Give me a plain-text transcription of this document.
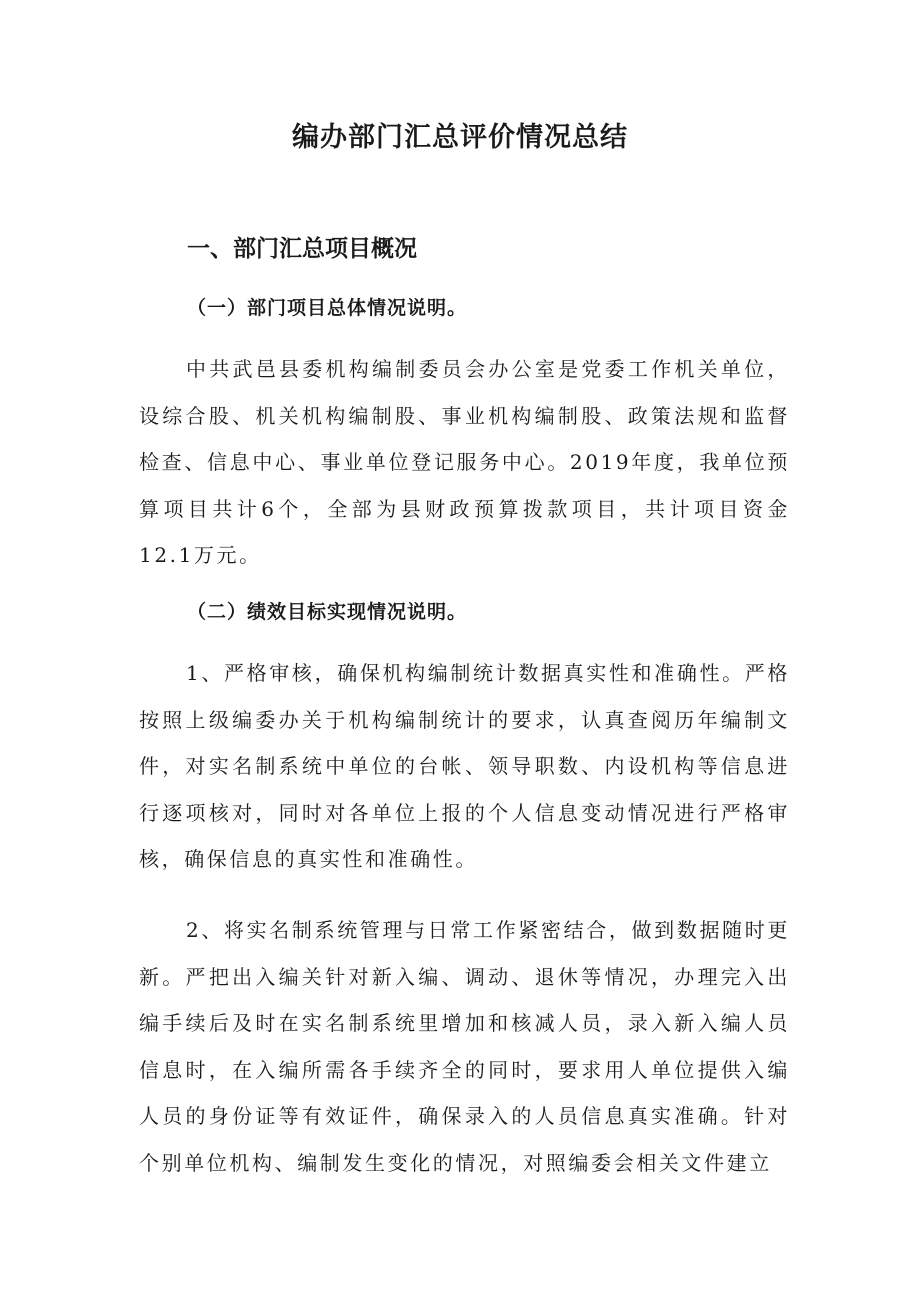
编办部门汇总评价情况总结
一、部门汇总项目概况
（一）部门项目总体情况说明。

中共武邑县委机构编制委员会办公室是党委工作机关单位，设综合股、机关机构编制股、事业机构编制股、政策法规和监督检查、信息中心、事业单位登记服务中心。2019年度，我单位预算项目共计6个，全部为县财政预算拨款项目，共计项目资金12.1万元。

（二）绩效目标实现情况说明。

1、严格审核，确保机构编制统计数据真实性和准确性。严格按照上级编委办关于机构编制统计的要求，认真查阅历年编制文件，对实名制系统中单位的台帐、领导职数、内设机构等信息进行逐项核对，同时对各单位上报的个人信息变动情况进行严格审核，确保信息的真实性和准确性。

2、将实名制系统管理与日常工作紧密结合，做到数据随时更新。严把出入编关针对新入编、调动、退休等情况，办理完入出编手续后及时在实名制系统里增加和核减人员，录入新入编人员信息时，在入编所需各手续齐全的同时，要求用人单位提供入编人员的身份证等有效证件，确保录入的人员信息真实准确。针对个别单位机构、编制发生变化的情况，对照编委会相关文件建立
